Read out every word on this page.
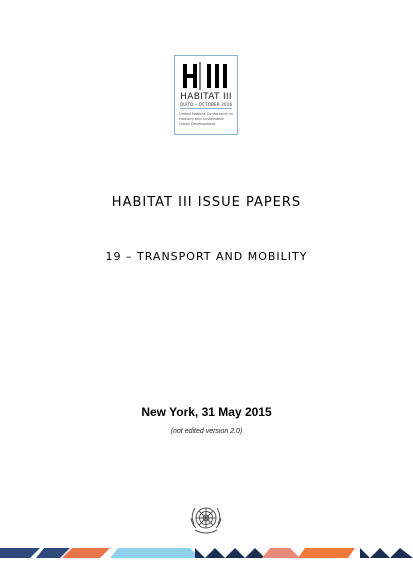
HABITAT III
QUITO – OCTOBER 2016
United Nations Conference on Housing and Sustainable Urban Development
HABITAT III ISSUE PAPERS
19 – TRANSPORT AND MOBILITY
New York, 31 May 2015
(not edited version 2.0)
